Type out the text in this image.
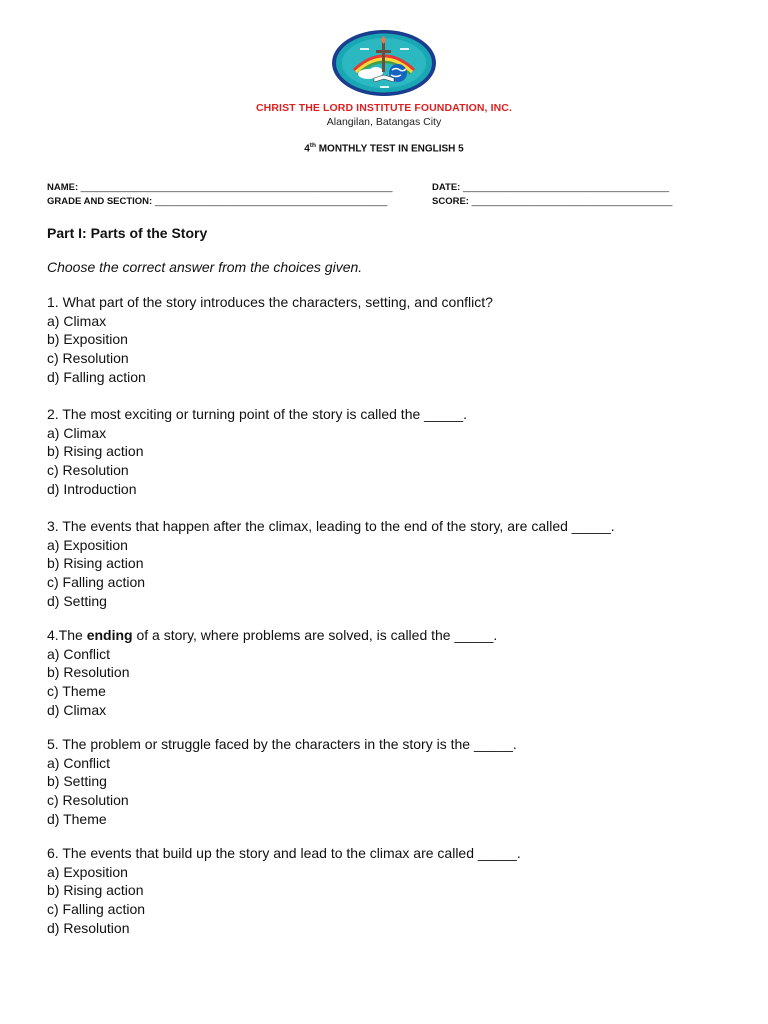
CHRIST THE LORD INSTITUTE FOUNDATION, INC.
Alangilan, Batangas City
4th MONTHLY TEST IN ENGLISH 5
NAME: ___________________________________________________________	DATE: _______________________________________
GRADE AND SECTION: ____________________________________________	SCORE: ______________________________________
Part I: Parts of the Story
Choose the correct answer from the choices given.
1. What part of the story introduces the characters, setting, and conflict?
a) Climax
b) Exposition
c) Resolution
d) Falling action
2. The most exciting or turning point of the story is called the _____.
a) Climax
b) Rising action
c) Resolution
d) Introduction
3. The events that happen after the climax, leading to the end of the story, are called _____.
a) Exposition
b) Rising action
c) Falling action
d) Setting
4.The ending of a story, where problems are solved, is called the _____.
a) Conflict
b) Resolution
c) Theme
d) Climax
5. The problem or struggle faced by the characters in the story is the _____.
a) Conflict
b) Setting
c) Resolution
d) Theme
6. The events that build up the story and lead to the climax are called _____.
a) Exposition
b) Rising action
c) Falling action
d) Resolution
